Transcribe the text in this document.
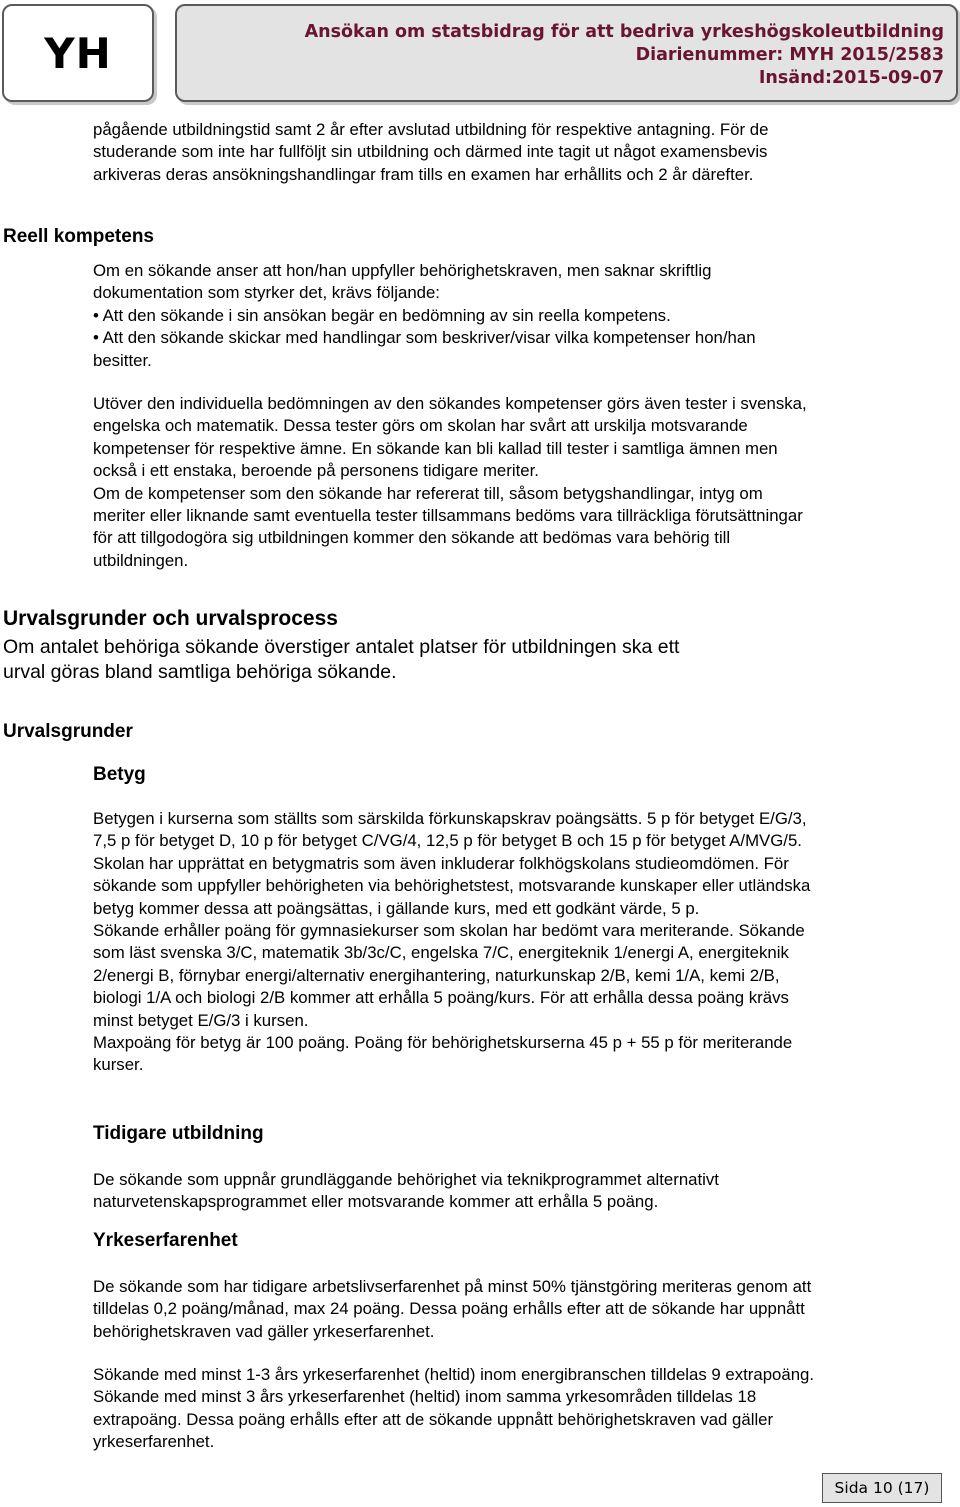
YH	Ansökan om statsbidrag för att bedriva yrkeshögskoleutbildning
Diarienummer: MYH 2015/2583
Insänd:2015-09-07
pågående utbildningstid samt 2 år efter avslutad utbildning för respektive antagning. För de
studerande som inte har fullföljt sin utbildning och därmed inte tagit ut något examensbevis
arkiveras deras ansökningshandlingar fram tills en examen har erhållits och 2 år därefter.
Reell kompetens
Om en sökande anser att hon/han uppfyller behörighetskraven, men saknar skriftlig
dokumentation som styrker det, krävs följande:
• Att den sökande i sin ansökan begär en bedömning av sin reella kompetens.
• Att den sökande skickar med handlingar som beskriver/visar vilka kompetenser hon/han
besitter.
Utöver den individuella bedömningen av den sökandes kompetenser görs även tester i svenska,
engelska och matematik. Dessa tester görs om skolan har svårt att urskilja motsvarande
kompetenser för respektive ämne. En sökande kan bli kallad till tester i samtliga ämnen men
också i ett enstaka, beroende på personens tidigare meriter.
Om de kompetenser som den sökande har refererat till, såsom betygshandlingar, intyg om
meriter eller liknande samt eventuella tester tillsammans bedöms vara tillräckliga förutsättningar
för att tillgodogöra sig utbildningen kommer den sökande att bedömas vara behörig till
utbildningen.
Urvalsgrunder och urvalsprocess
Om antalet behöriga sökande överstiger antalet platser för utbildningen ska ett
urval göras bland samtliga behöriga sökande.
Urvalsgrunder
Betyg
Betygen i kurserna som ställts som särskilda förkunskapskrav poängsätts. 5 p för betyget E/G/3,
7,5 p för betyget D, 10 p för betyget C/VG/4, 12,5 p för betyget B och 15 p för betyget A/MVG/5.
Skolan har upprättat en betygmatris som även inkluderar folkhögskolans studieomdömen. För
sökande som uppfyller behörigheten via behörighetstest, motsvarande kunskaper eller utländska
betyg kommer dessa att poängsättas, i gällande kurs, med ett godkänt värde, 5 p.
Sökande erhåller poäng för gymnasiekurser som skolan har bedömt vara meriterande. Sökande
som läst svenska 3/C, matematik 3b/3c/C, engelska 7/C, energiteknik 1/energi A, energiteknik
2/energi B, förnybar energi/alternativ energihantering, naturkunskap 2/B, kemi 1/A, kemi 2/B,
biologi 1/A och biologi 2/B kommer att erhålla 5 poäng/kurs. För att erhålla dessa poäng krävs
minst betyget E/G/3 i kursen.
Maxpoäng för betyg är 100 poäng. Poäng för behörighetskurserna 45 p + 55 p för meriterande
kurser.
Tidigare utbildning
De sökande som uppnår grundläggande behörighet via teknikprogrammet alternativt
naturvetenskapsprogrammet eller motsvarande kommer att erhålla 5 poäng.
Yrkeserfarenhet
De sökande som har tidigare arbetslivserfarenhet på minst 50% tjänstgöring meriteras genom att
tilldelas 0,2 poäng/månad, max 24 poäng. Dessa poäng erhålls efter att de sökande har uppnått
behörighetskraven vad gäller yrkeserfarenhet.
Sökande med minst 1-3 års yrkeserfarenhet (heltid) inom energibranschen tilldelas 9 extrapoäng.
Sökande med minst 3 års yrkeserfarenhet (heltid) inom samma yrkesområden tilldelas 18
extrapoäng. Dessa poäng erhålls efter att de sökande uppnått behörighetskraven vad gäller
yrkeserfarenhet.
Sida 10 (17)
